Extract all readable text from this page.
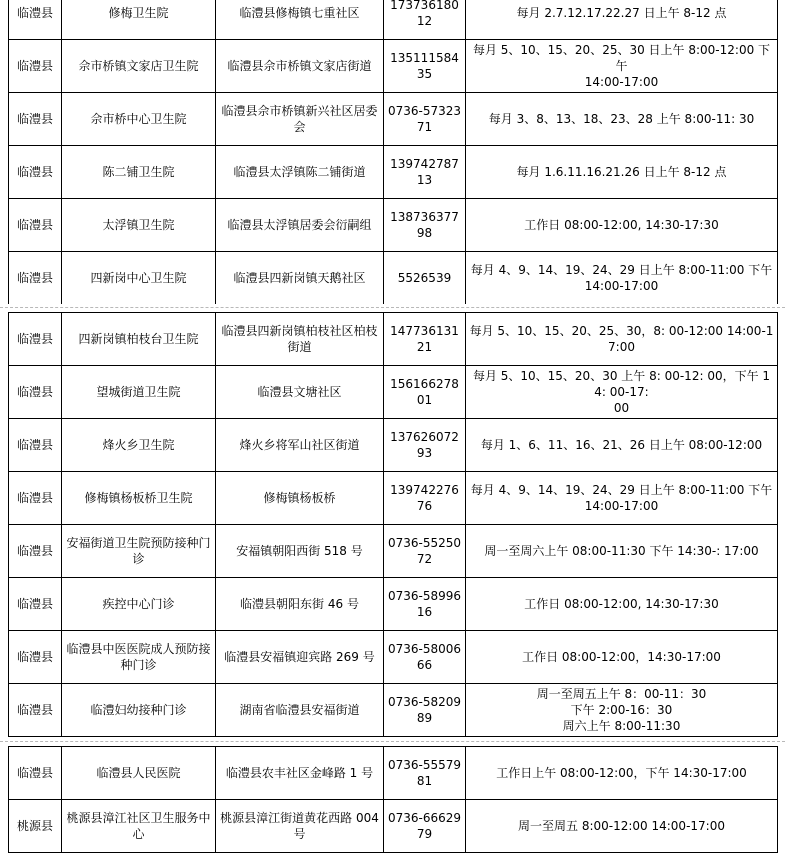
临澧县	修梅卫生院	临澧县修梅镇七重社区	17373618012	每月 2.7.12.17.22.27 日上午 8-12 点

临澧县	佘市桥镇文家店卫生院	临澧县佘市桥镇文家店街道	13511158435	每月 5、10、15、20、25、30 日上午 8:00-12:00 下午
14:00-17:00

临澧县	佘市桥中心卫生院	临澧县佘市桥镇新兴社区居委会	0736-5732371	每月 3、8、13、18、23、28 上午 8:00-11: 30

临澧县	陈二铺卫生院	临澧县太浮镇陈二铺街道	13974278713	每月 1.6.11.16.21.26 日上午 8-12 点

临澧县	太浮镇卫生院	临澧县太浮镇居委会衍嗣组	13873637798	工作日 08:00-12:00, 14:30-17:30

临澧县	四新岗中心卫生院	临澧县四新岗镇天鹅社区	5526539	每月 4、9、14、19、24、29 日上午 8:00-11:00 下午
14:00-17:00
临澧县	四新岗镇柏枝台卫生院	临澧县四新岗镇柏枝社区柏枝街道	14773613121	每月 5、10、15、20、25、30，8: 00-12:00 14:00-17:00

临澧县	望城街道卫生院	临澧县文塘社区	15616627801	每月 5、10、15、20、30 上午 8: 00-12: 00，下午 14: 00-17:
00

临澧县	烽火乡卫生院	烽火乡将军山社区街道	13762607293	每月 1、6、11、16、21、26 日上午 08:00-12:00

临澧县	修梅镇杨板桥卫生院	修梅镇杨板桥	13974227676	每月 4、9、14、19、24、29 日上午 8:00-11:00 下午
14:00-17:00

临澧县	安福街道卫生院预防接种门诊	安福镇朝阳西街 518 号	0736-5525072	周一至周六上午 08:00-11:30 下午 14:30-: 17:00

临澧县	疾控中心门诊	临澧县朝阳东街 46 号	0736-5899616	工作日 08:00-12:00, 14:30-17:30

临澧县	临澧县中医医院成人预防接种门诊	临澧县安福镇迎宾路 269 号	0736-5800666	工作日 08:00-12:00，14:30-17:00

临澧县	临澧妇幼接种门诊	湖南省临澧县安福街道	0736-5820989	周一至周五上午 8：00-11：30
下午 2:00-16：30
周六上午 8:00-11:30
临澧县	临澧县人民医院	临澧县农丰社区金峰路 1 号	0736-5557981	工作日上午 08:00-12:00，下午 14:30-17:00

桃源县	桃源县漳江社区卫生服务中心	桃源县漳江街道黄花西路 004 号	0736-6662979	周一至周五 8:00-12:00 14:00-17:00
